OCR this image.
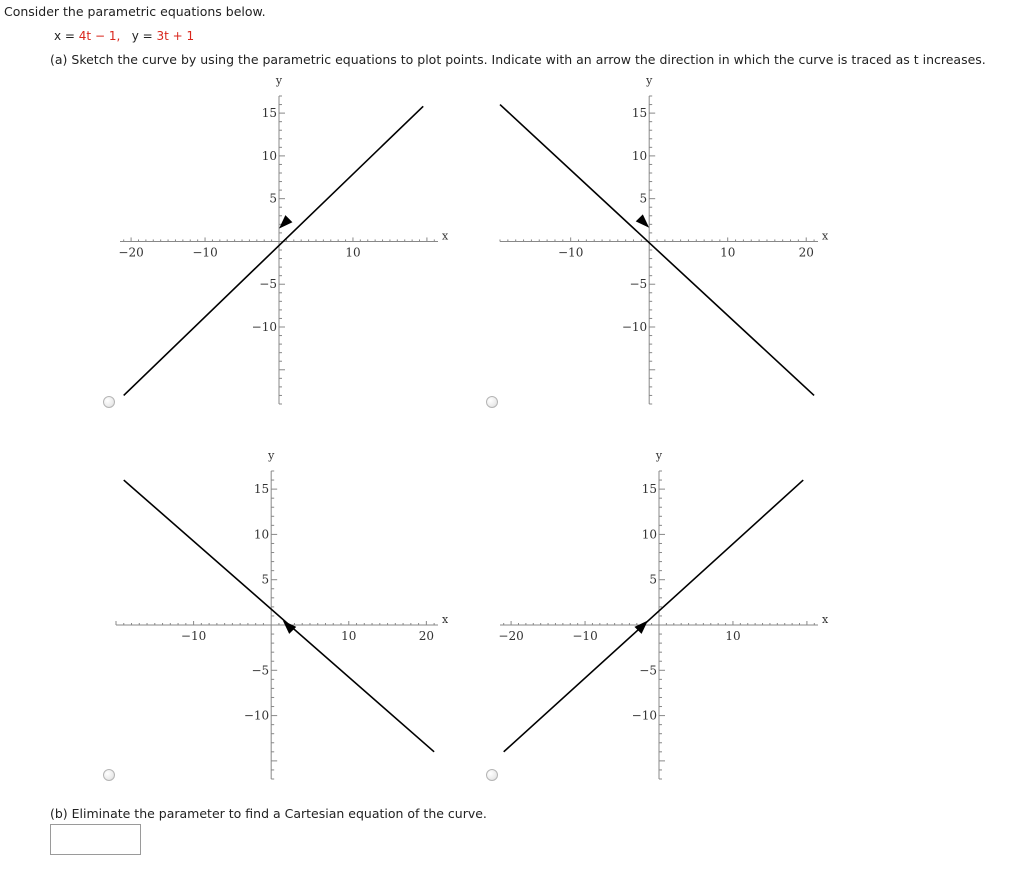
Consider the parametric equations below.
x = 4t − 1, y = 3t + 1
(a) Sketch the curve by using the parametric equations to plot points. Indicate with an arrow the direction in which the curve is traced as t increases.
−20	−10	10
15
10
5
−5
−10
x
y
−10	10	20
15
10
5
−5
−10
x
y
−10	10	20
15
10
5
−5
−10
x
y
−20	−10	10
15
10
5
−5
−10
x
y
(b) Eliminate the parameter to find a Cartesian equation of the curve.
